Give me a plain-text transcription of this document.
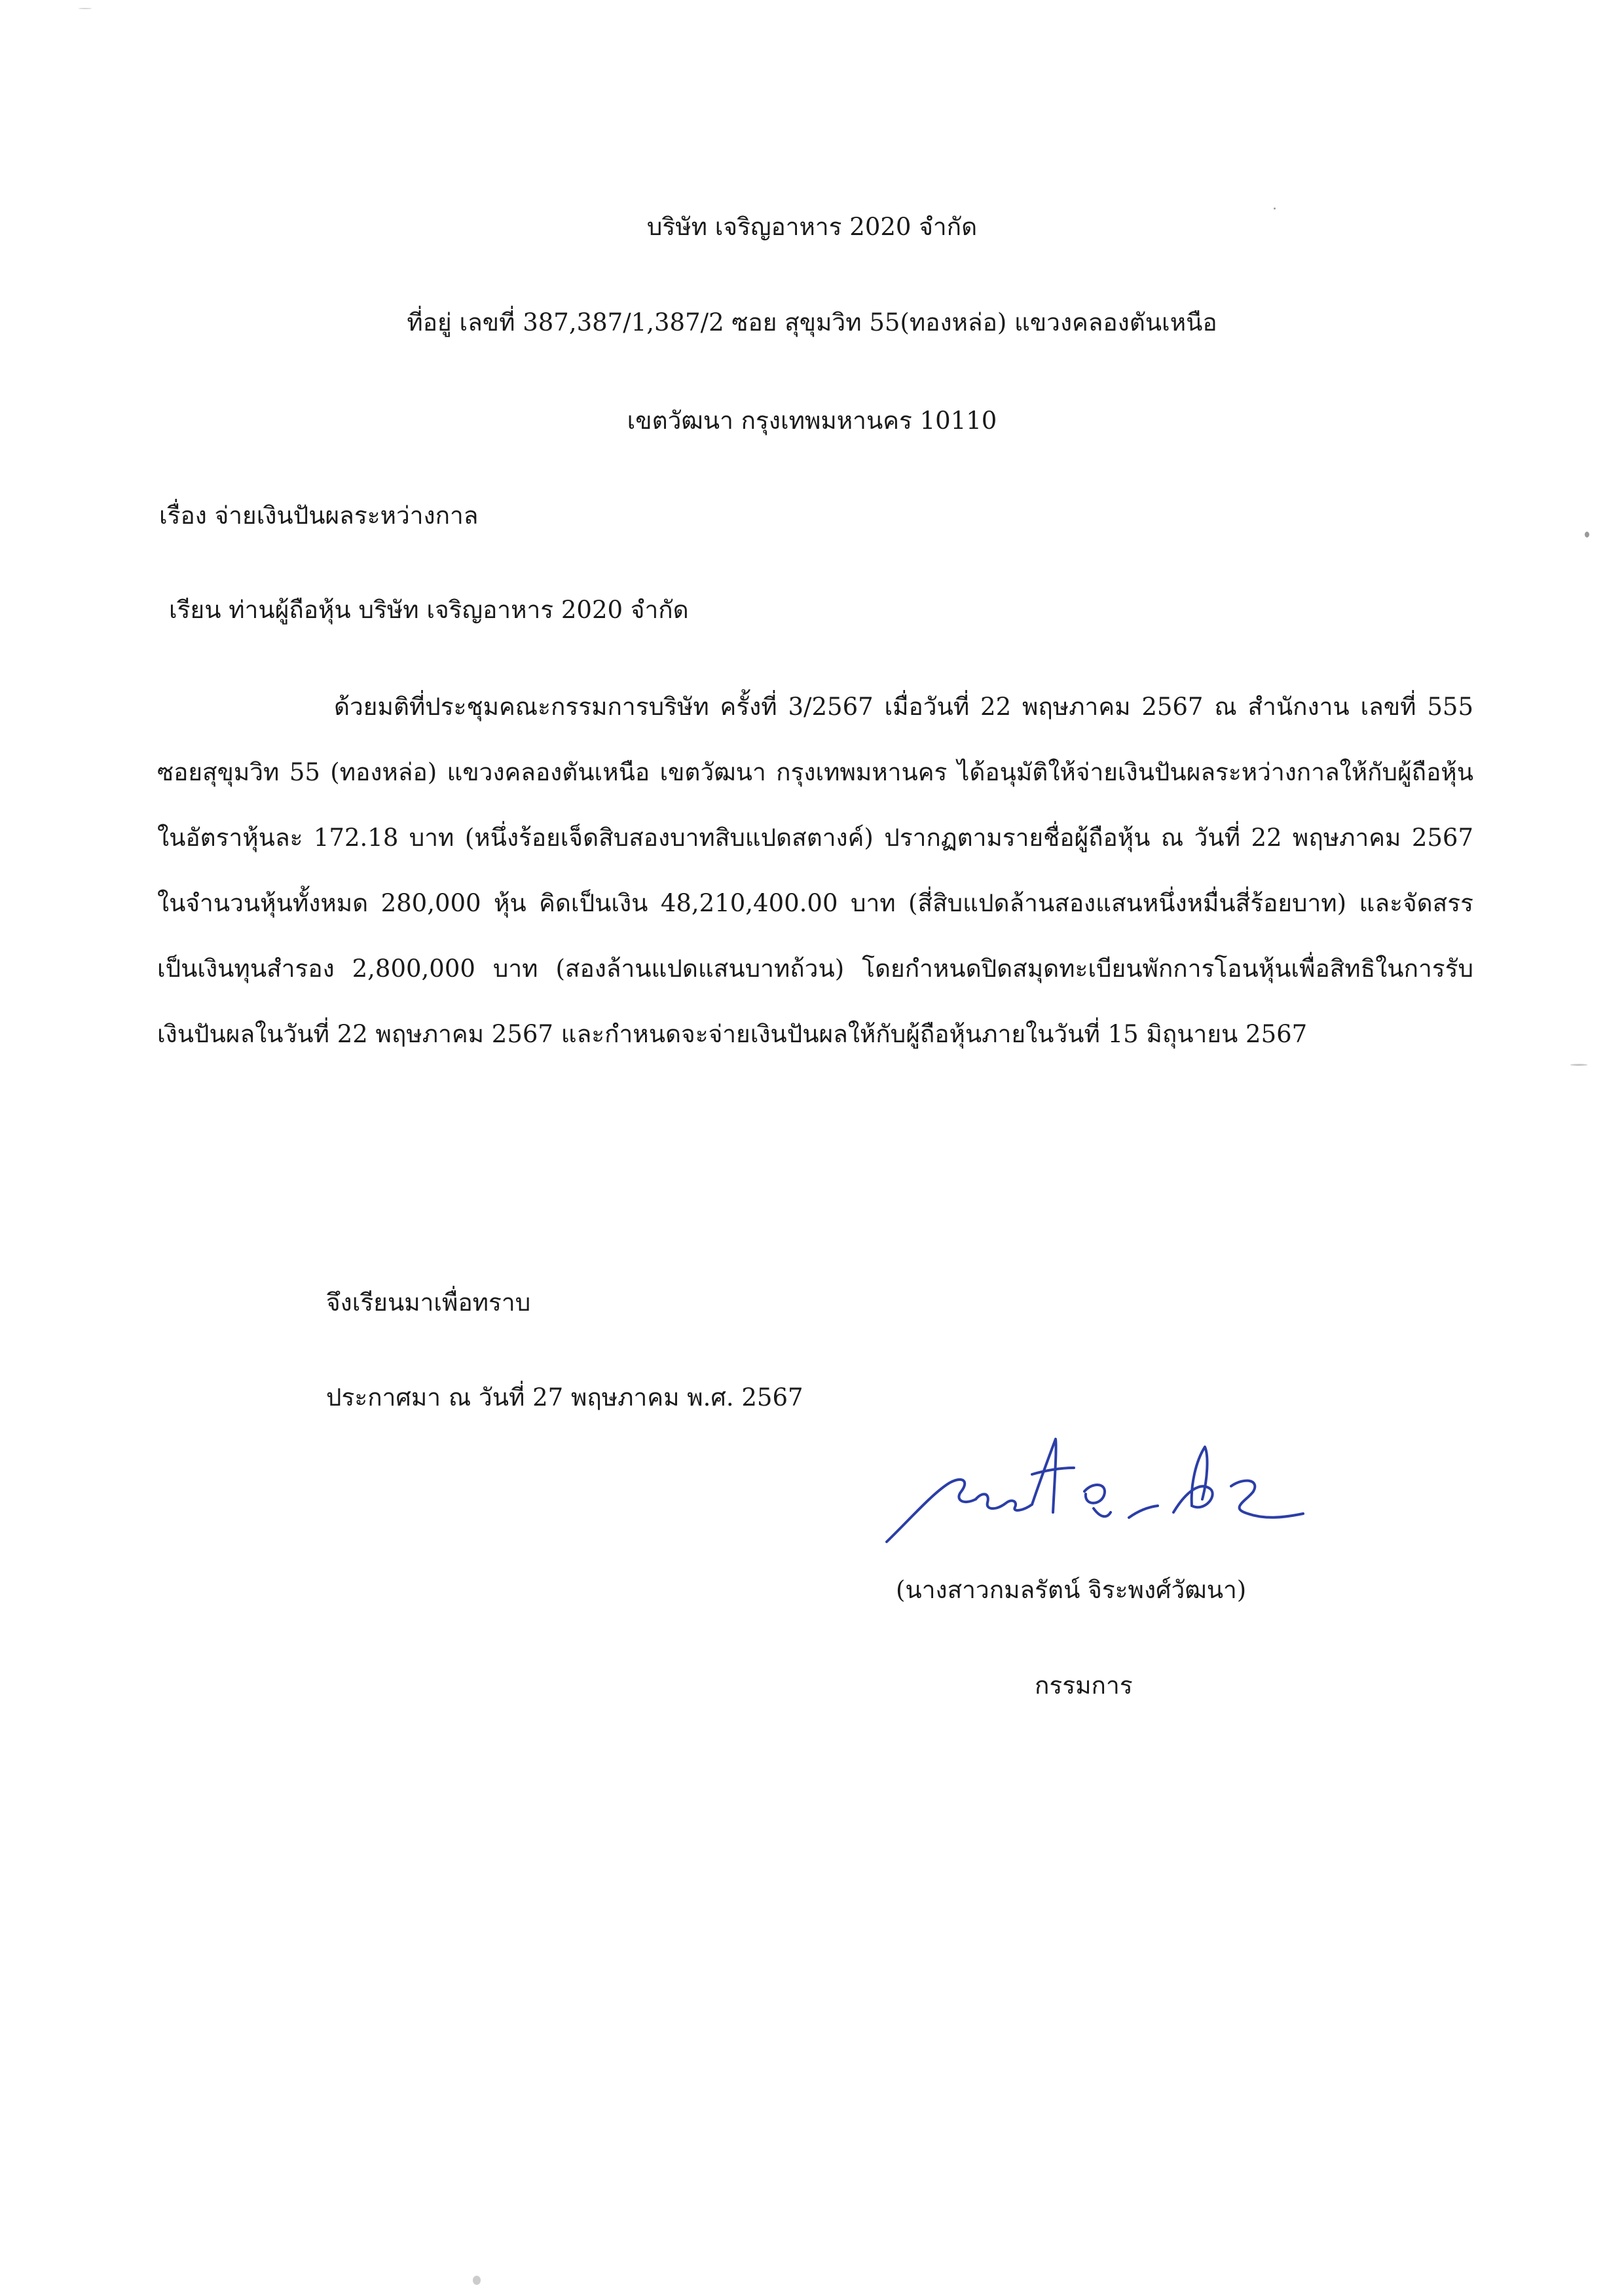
บริษัท เจริญอาหาร 2020 จำกัด
ที่อยู่ เลขที่ 387,387/1,387/2 ซอย สุขุมวิท 55(ทองหล่อ) แขวงคลองตันเหนือ
เขตวัฒนา กรุงเทพมหานคร 10110
เรื่อง จ่ายเงินปันผลระหว่างกาล
เรียน ท่านผู้ถือหุ้น บริษัท เจริญอาหาร 2020 จำกัด

ด้วยมติที่ประชุมคณะกรรมการบริษัท ครั้งที่ 3/2567 เมื่อวันที่ 22 พฤษภาคม 2567 ณ สำนักงาน เลขที่ 555 ซอยสุขุมวิท 55 (ทองหล่อ) แขวงคลองตันเหนือ เขตวัฒนา กรุงเทพมหานคร ได้อนุมัติให้จ่ายเงินปันผลระหว่างกาลให้กับผู้ถือหุ้นในอัตราหุ้นละ 172.18 บาท (หนึ่งร้อยเจ็ดสิบสองบาทสิบแปดสตางค์) ปรากฏตามรายชื่อผู้ถือหุ้น ณ วันที่ 22 พฤษภาคม 2567 ในจำนวนหุ้นทั้งหมด 280,000 หุ้น คิดเป็นเงิน 48,210,400.00 บาท (สี่สิบแปดล้านสองแสนหนึ่งหมื่นสี่ร้อยบาท) และจัดสรรเป็นเงินทุนสำรอง 2,800,000 บาท (สองล้านแปดแสนบาทถ้วน) โดยกำหนดปิดสมุดทะเบียนพักการโอนหุ้นเพื่อสิทธิในการรับเงินปันผลในวันที่ 22 พฤษภาคม 2567 และกำหนดจะจ่ายเงินปันผลให้กับผู้ถือหุ้นภายในวันที่ 15 มิถุนายน 2567

จึงเรียนมาเพื่อทราบ
ประกาศมา ณ วันที่ 27 พฤษภาคม พ.ศ. 2567
(นางสาวกมลรัตน์ จิระพงศ์วัฒนา)
กรรมการ
